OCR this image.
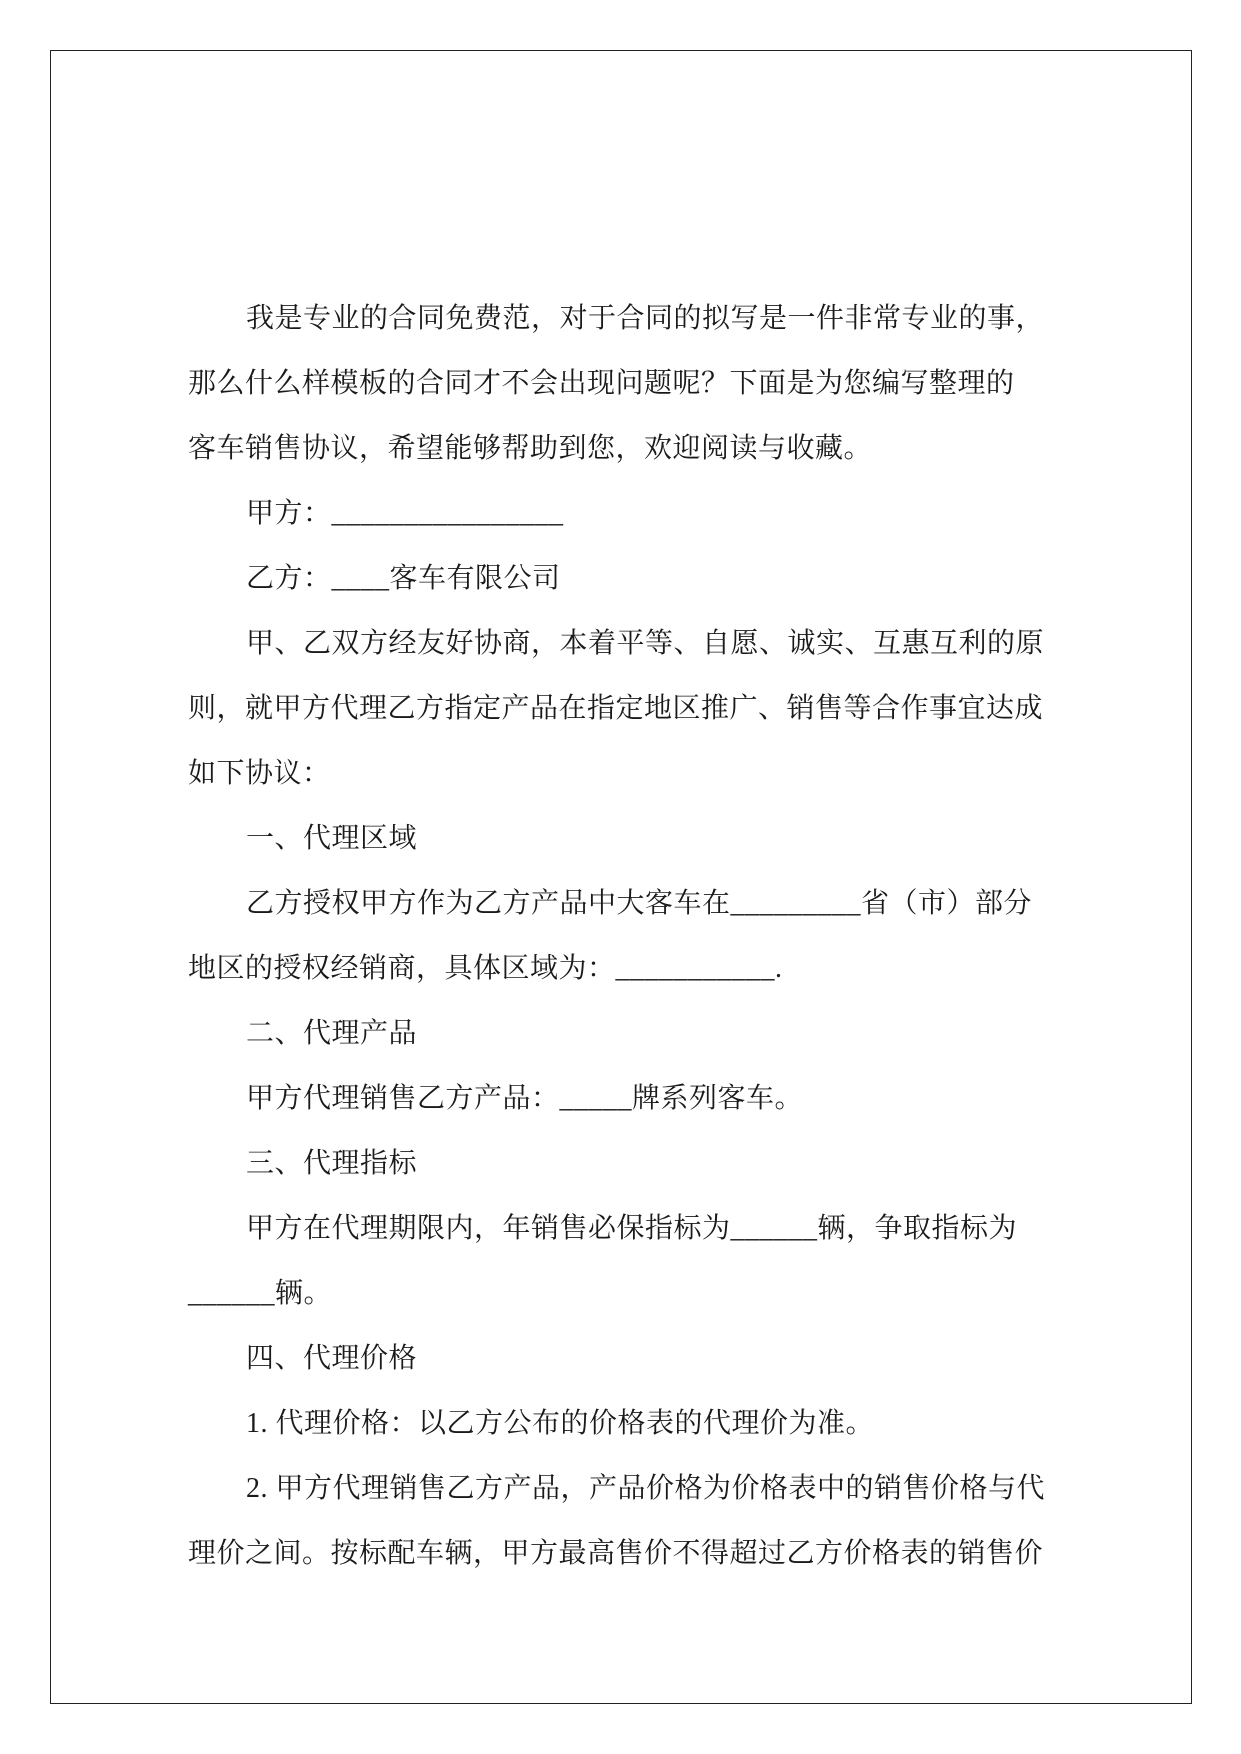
我是专业的合同免费范，对于合同的拟写是一件非常专业的事，
那么什么样模板的合同才不会出现问题呢？下面是为您编写整理的
客车销售协议，希望能够帮助到您，欢迎阅读与收藏。
甲方：________________
乙方：____客车有限公司
甲、乙双方经友好协商，本着平等、自愿、诚实、互惠互利的原
则，就甲方代理乙方指定产品在指定地区推广、销售等合作事宜达成
如下协议：
一、代理区域
乙方授权甲方作为乙方产品中大客车在_________省（市）部分
地区的授权经销商，具体区域为：___________.
二、代理产品
甲方代理销售乙方产品：_____牌系列客车。
三、代理指标
甲方在代理期限内，年销售必保指标为______辆，争取指标为
______辆。
四、代理价格
1. 代理价格：以乙方公布的价格表的代理价为准。
2. 甲方代理销售乙方产品，产品价格为价格表中的销售价格与代
理价之间。按标配车辆，甲方最高售价不得超过乙方价格表的销售价
